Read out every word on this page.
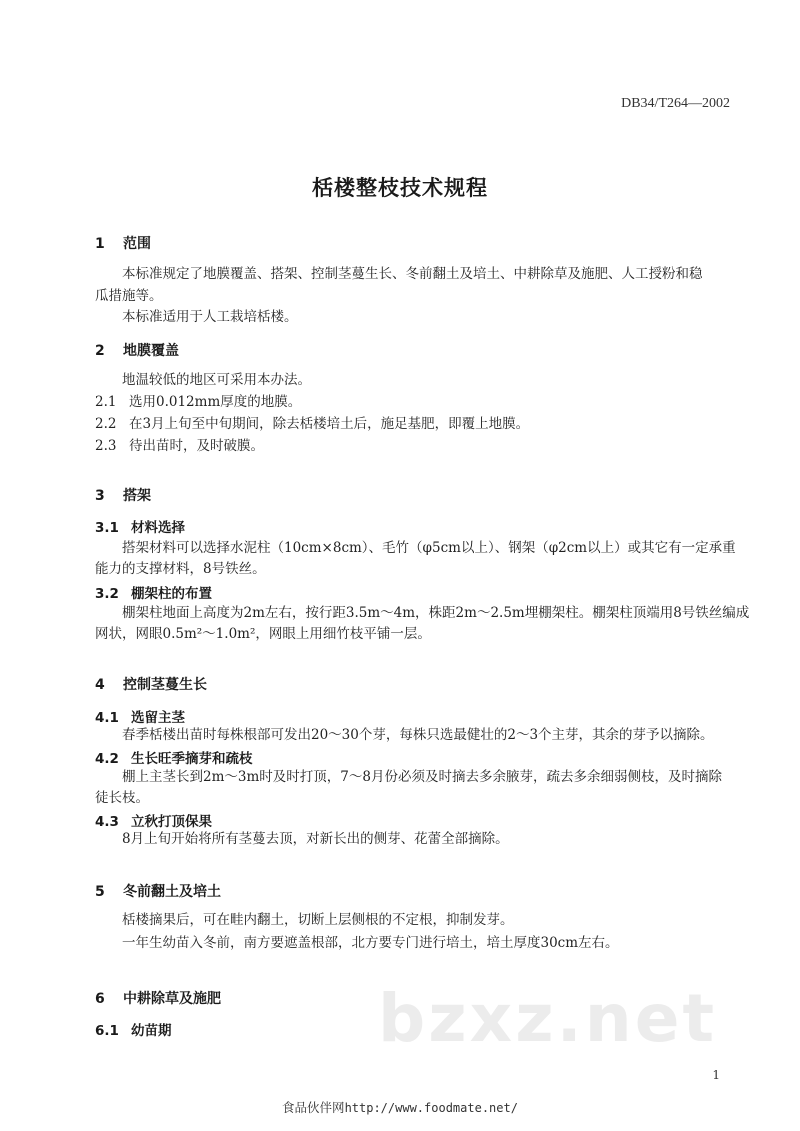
DB34/T264—2002
栝楼整枝技术规程
1 范围
本标准规定了地膜覆盖、搭架、控制茎蔓生长、冬前翻土及培土、中耕除草及施肥、人工授粉和稳
瓜措施等。
本标准适用于人工栽培栝楼。
2 地膜覆盖
地温较低的地区可采用本办法。
2.1 选用0.012mm厚度的地膜。
2.2 在3月上旬至中旬期间，除去栝楼培土后，施足基肥，即覆上地膜。
2.3 待出苗时，及时破膜。
3 搭架
3.1 材料选择
搭架材料可以选择水泥柱（10cm×8cm）、毛竹（φ5cm以上）、钢架（φ2cm以上）或其它有一定承重
能力的支撑材料，8号铁丝。
3.2 棚架柱的布置
棚架柱地面上高度为2m左右，按行距3.5m～4m，株距2m～2.5m埋棚架柱。棚架柱顶端用8号铁丝编成
网状，网眼0.5m²～1.0m²，网眼上用细竹枝平铺一层。
4 控制茎蔓生长
4.1 选留主茎
春季栝楼出苗时每株根部可发出20～30个芽，每株只选最健壮的2～3个主芽，其余的芽予以摘除。
4.2 生长旺季摘芽和疏枝
棚上主茎长到2m～3m时及时打顶，7～8月份必须及时摘去多余腋芽，疏去多余细弱侧枝，及时摘除
徒长枝。
4.3 立秋打顶保果
8月上旬开始将所有茎蔓去顶，对新长出的侧芽、花蕾全部摘除。
5 冬前翻土及培土
栝楼摘果后，可在畦内翻土，切断上层侧根的不定根，抑制发芽。
一年生幼苗入冬前，南方要遮盖根部，北方要专门进行培土，培土厚度30cm左右。
6 中耕除草及施肥
6.1 幼苗期	bzxz.net
1
食品伙伴网http://www.foodmate.net/
